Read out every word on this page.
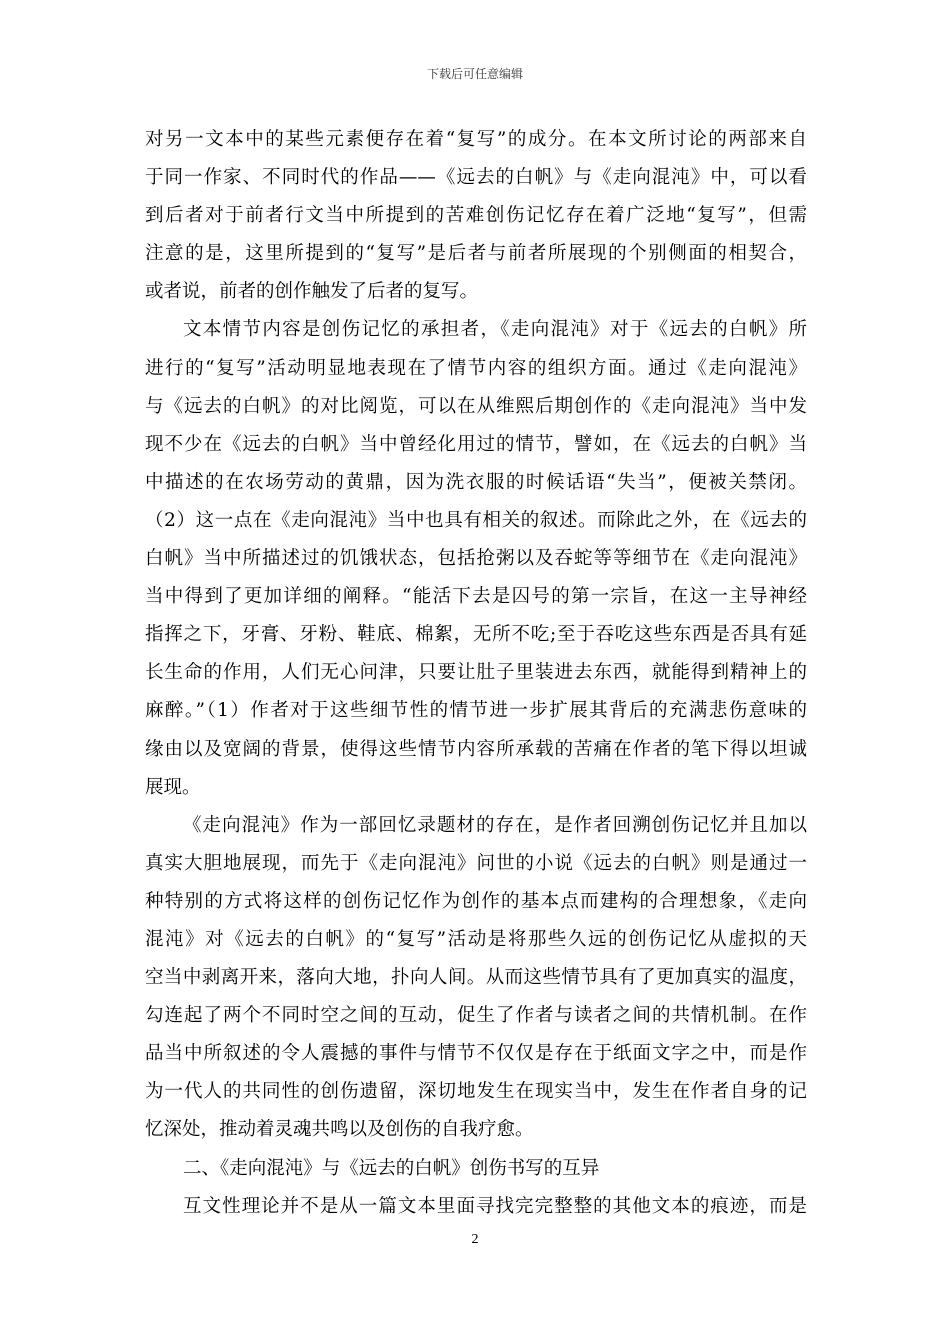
下载后可任意编辑
对另一文本中的某些元素便存在着“复写”的成分。在本文所讨论的两部来自
于同一作家、不同时代的作品——《远去的白帆》与《走向混沌》中，可以看
到后者对于前者行文当中所提到的苦难创伤记忆存在着广泛地“复写”，但需
注意的是，这里所提到的“复写”是后者与前者所展现的个别侧面的相契合，
或者说，前者的创作触发了后者的复写。
文本情节内容是创伤记忆的承担者，《走向混沌》对于《远去的白帆》所
进行的“复写”活动明显地表现在了情节内容的组织方面。通过《走向混沌》
与《远去的白帆》的对比阅览，可以在从维熙后期创作的《走向混沌》当中发
现不少在《远去的白帆》当中曾经化用过的情节，譬如，在《远去的白帆》当
中描述的在农场劳动的黄鼎，因为洗衣服的时候话语“失当”，便被关禁闭。
（2）这一点在《走向混沌》当中也具有相关的叙述。而除此之外，在《远去的
白帆》当中所描述过的饥饿状态，包括抢粥以及吞蛇等等细节在《走向混沌》
当中得到了更加详细的阐释。“能活下去是囚号的第一宗旨，在这一主导神经
指挥之下，牙膏、牙粉、鞋底、棉絮，无所不吃;至于吞吃这些东西是否具有延
长生命的作用，人们无心问津，只要让肚子里装进去东西，就能得到精神上的
麻醉。”（1）作者对于这些细节性的情节进一步扩展其背后的充满悲伤意味的
缘由以及宽阔的背景，使得这些情节内容所承载的苦痛在作者的笔下得以坦诚
展现。
《走向混沌》作为一部回忆录题材的存在，是作者回溯创伤记忆并且加以
真实大胆地展现，而先于《走向混沌》问世的小说《远去的白帆》则是通过一
种特别的方式将这样的创伤记忆作为创作的基本点而建构的合理想象，《走向
混沌》对《远去的白帆》的“复写”活动是将那些久远的创伤记忆从虚拟的天
空当中剥离开来，落向大地，扑向人间。从而这些情节具有了更加真实的温度，
勾连起了两个不同时空之间的互动，促生了作者与读者之间的共情机制。在作
品当中所叙述的令人震撼的事件与情节不仅仅是存在于纸面文字之中，而是作
为一代人的共同性的创伤遗留，深切地发生在现实当中，发生在作者自身的记
忆深处，推动着灵魂共鸣以及创伤的自我疗愈。
二、《走向混沌》与《远去的白帆》创伤书写的互异
互文性理论并不是从一篇文本里面寻找完完整整的其他文本的痕迹，而是
2
